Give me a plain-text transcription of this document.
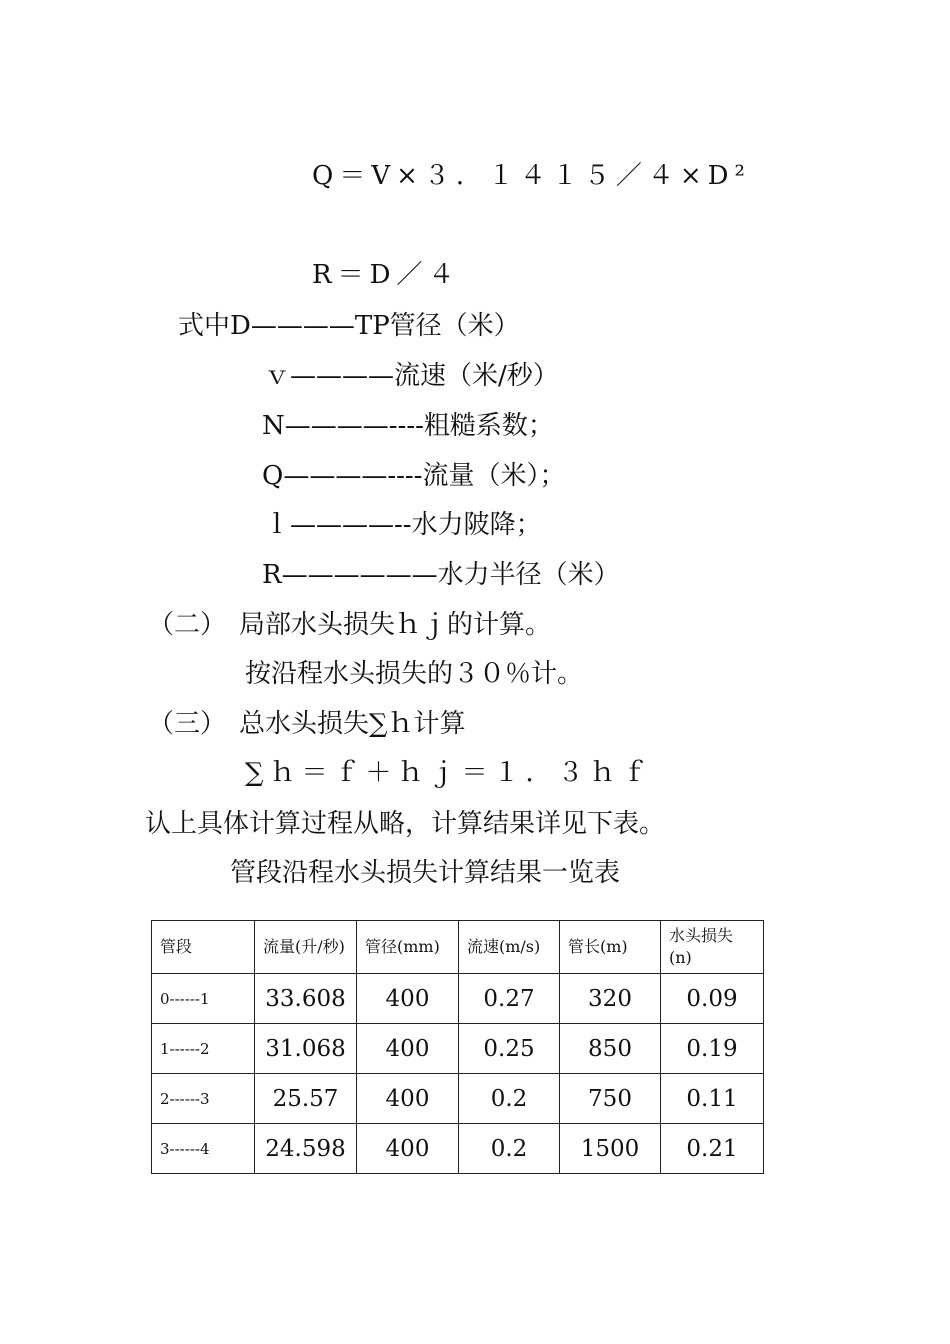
Q＝V×３．１４１５／４×D²
R＝D／４
式中D————TP管径（米）
ｖ————流速（米/秒）
N————----粗糙系数；
Q————----流量（米）；
ｌ————--水力陂降；
R——————水力半径（米）
（二）　局部水头损失ｈｊ的计算。
按沿程水头损失的３０％计。
（三）　总水头损失∑ｈ计算
∑ｈ＝ｆ＋ｈｊ＝１．３ｈｆ
认上具体计算过程从略，计算结果详见下表。
管段沿程水头损失计算结果一览表
管段	流量(升/秒)	管径(mm)	流速(m/s)	管长(m)	水头损失(n)
0------1	33.608	400	0.27	320	0.09
1------2	31.068	400	0.25	850	0.19
2------3	25.57	400	0.2	750	0.11
3------4	24.598	400	0.2	1500	0.21
